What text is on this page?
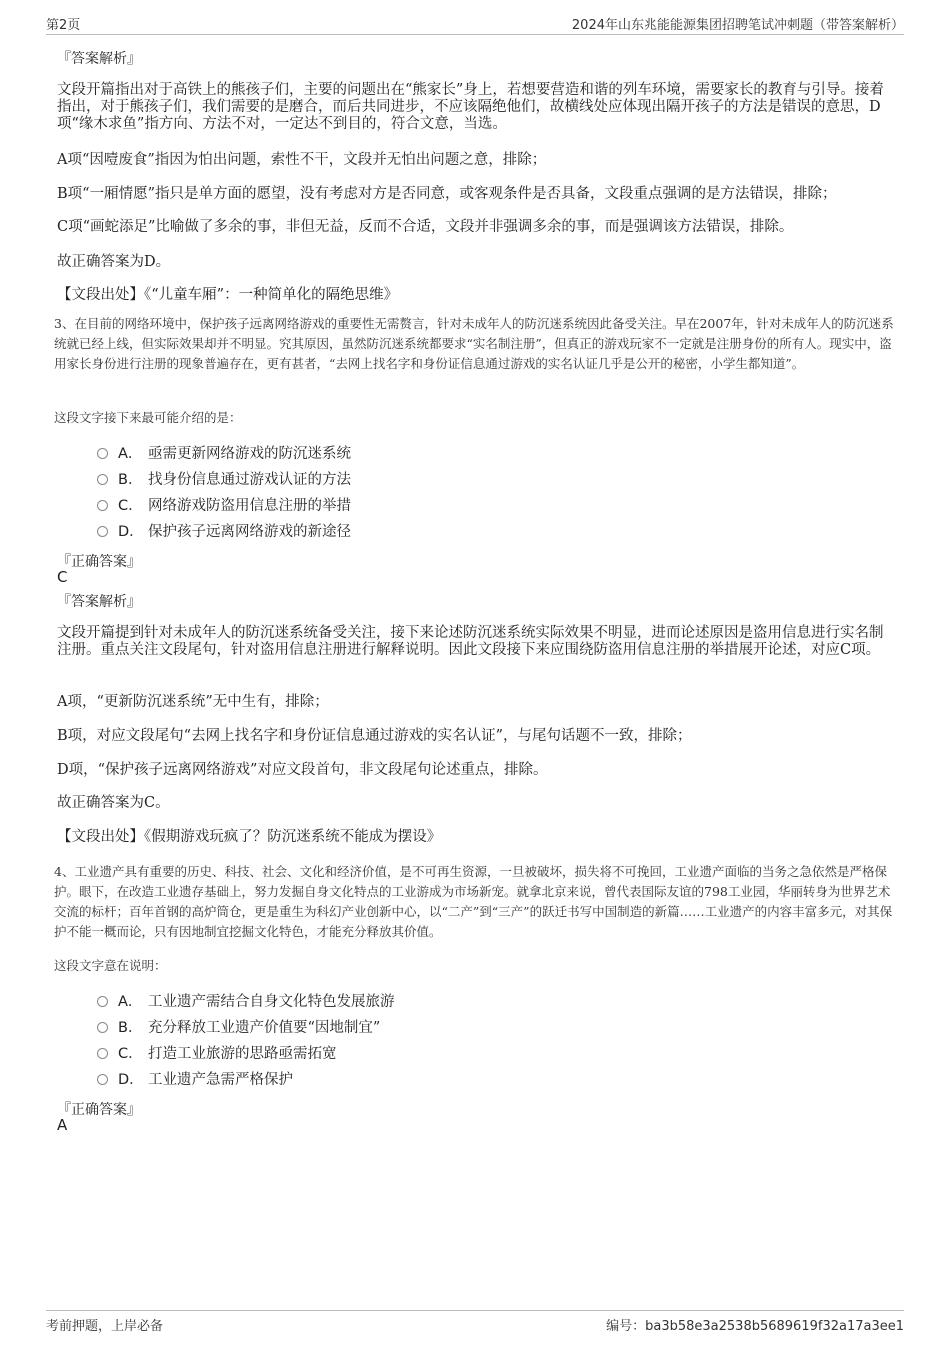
第2页	2024年山东兆能能源集团招聘笔试冲刺题（带答案解析）
『答案解析』
文段开篇指出对于高铁上的熊孩子们，主要的问题出在“熊家长”身上，若想要营造和谐的列车环境，需要家长的教育与引导。接着指出，对于熊孩子们，我们需要的是磨合，而后共同进步，不应该隔绝他们，故横线处应体现出隔开孩子的方法是错误的意思，D项“缘木求鱼”指方向、方法不对，一定达不到目的，符合文意，当选。
A项“因噎废食”指因为怕出问题，索性不干，文段并无怕出问题之意，排除；
B项“一厢情愿”指只是单方面的愿望，没有考虑对方是否同意，或客观条件是否具备，文段重点强调的是方法错误，排除；
C项“画蛇添足”比喻做了多余的事，非但无益，反而不合适，文段并非强调多余的事，而是强调该方法错误，排除。
故正确答案为D。
【文段出处】《“儿童车厢”：一种简单化的隔绝思维》
3、在目前的网络环境中，保护孩子远离网络游戏的重要性无需赘言，针对未成年人的防沉迷系统因此备受关注。早在2007年，针对未成年人的防沉迷系统就已经上线，但实际效果却并不明显。究其原因，虽然防沉迷系统都要求“实名制注册”，但真正的游戏玩家不一定就是注册身份的所有人。现实中，盗用家长身份进行注册的现象普遍存在，更有甚者，“去网上找名字和身份证信息通过游戏的实名认证几乎是公开的秘密，小学生都知道”。
这段文字接下来最可能介绍的是：
A． 亟需更新网络游戏的防沉迷系统
B． 找身份信息通过游戏认证的方法
C． 网络游戏防盗用信息注册的举措
D． 保护孩子远离网络游戏的新途径
『正确答案』
C
『答案解析』
文段开篇提到针对未成年人的防沉迷系统备受关注，接下来论述防沉迷系统实际效果不明显，进而论述原因是盗用信息进行实名制注册。重点关注文段尾句，针对盗用信息注册进行解释说明。因此文段接下来应围绕防盗用信息注册的举措展开论述，对应C项。
A项，“更新防沉迷系统”无中生有，排除；
B项，对应文段尾句“去网上找名字和身份证信息通过游戏的实名认证”，与尾句话题不一致，排除；
D项，“保护孩子远离网络游戏”对应文段首句，非文段尾句论述重点，排除。
故正确答案为C。
【文段出处】《假期游戏玩疯了？防沉迷系统不能成为摆设》
4、工业遗产具有重要的历史、科技、社会、文化和经济价值，是不可再生资源，一旦被破坏，损失将不可挽回，工业遗产面临的当务之急依然是严格保护。眼下，在改造工业遗存基础上，努力发掘自身文化特点的工业游成为市场新宠。就拿北京来说，曾代表国际友谊的798工业园，华丽转身为世界艺术交流的标杆；百年首钢的高炉筒仓，更是重生为科幻产业创新中心，以“二产”到“三产”的跃迁书写中国制造的新篇……工业遗产的内容丰富多元，对其保护不能一概而论，只有因地制宜挖掘文化特色，才能充分释放其价值。
这段文字意在说明：
A． 工业遗产需结合自身文化特色发展旅游
B． 充分释放工业遗产价值要“因地制宜”
C． 打造工业旅游的思路亟需拓宽
D． 工业遗产急需严格保护
『正确答案』
A
考前押题，上岸必备	编号：ba3b58e3a2538b5689619f32a17a3ee1
